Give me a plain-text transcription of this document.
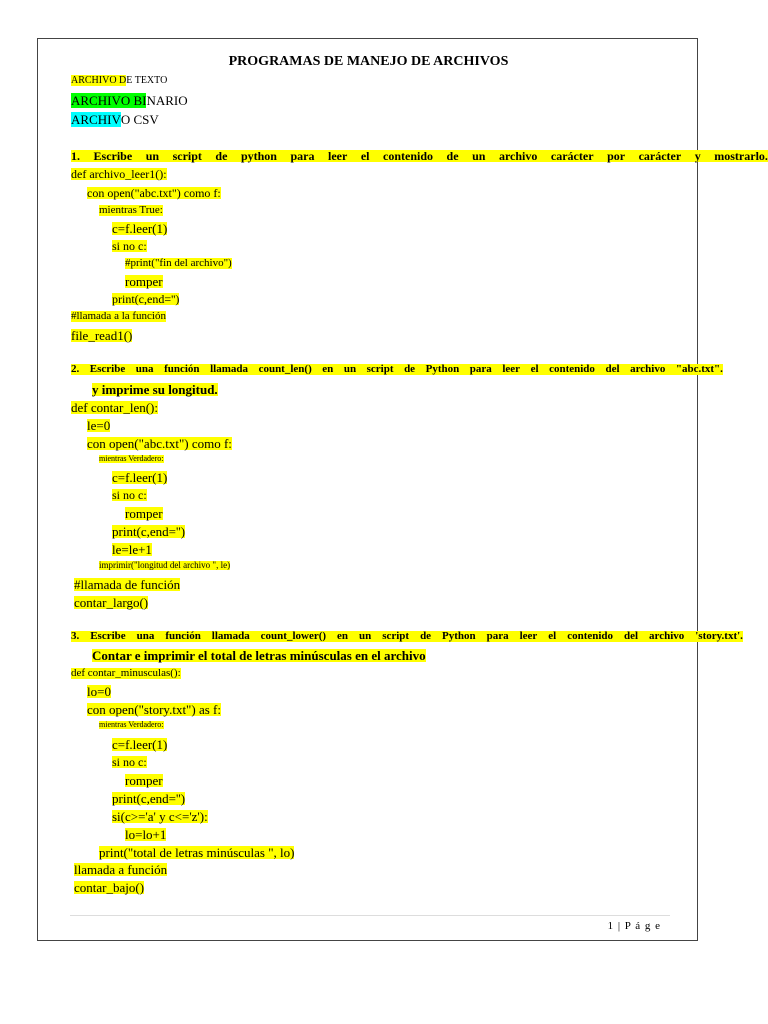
PROGRAMAS DE MANEJO DE ARCHIVOS
ARCHIVO DE TEXTO
ARCHIVO BINARIO
ARCHIVO CSV
1. Escribe un script de python para leer el contenido de un archivo carácter por carácter y mostrarlo.
def archivo_leer1():
con open("abc.txt") como f:
mientras True:
c=f.leer(1)
si no c:
#print("fin del archivo")
romper
print(c,end='')
#llamada a la función
file_read1()
2. Escribe una función llamada count_len() en un script de Python para leer el contenido del archivo "abc.txt".
y imprime su longitud.
def contar_len():
le=0
con open("abc.txt") como f:
mientras Verdadero:
c=f.leer(1)
si no c:
romper
print(c,end='')
le=le+1
imprimir("longitud del archivo ", le)
#llamada de función
contar_largo()
3. Escribe una función llamada count_lower() en un script de Python para leer el contenido del archivo 'story.txt'.
Contar e imprimir el total de letras minúsculas en el archivo
def contar_minusculas():
lo=0
con open("story.txt") as f:
mientras Verdadero:
c=f.leer(1)
si no c:
romper
print(c,end='')
si(c>='a' y c<='z'):
lo=lo+1
print("total de letras minúsculas ", lo)
llamada a función
contar_bajo()
1 | P á g e
